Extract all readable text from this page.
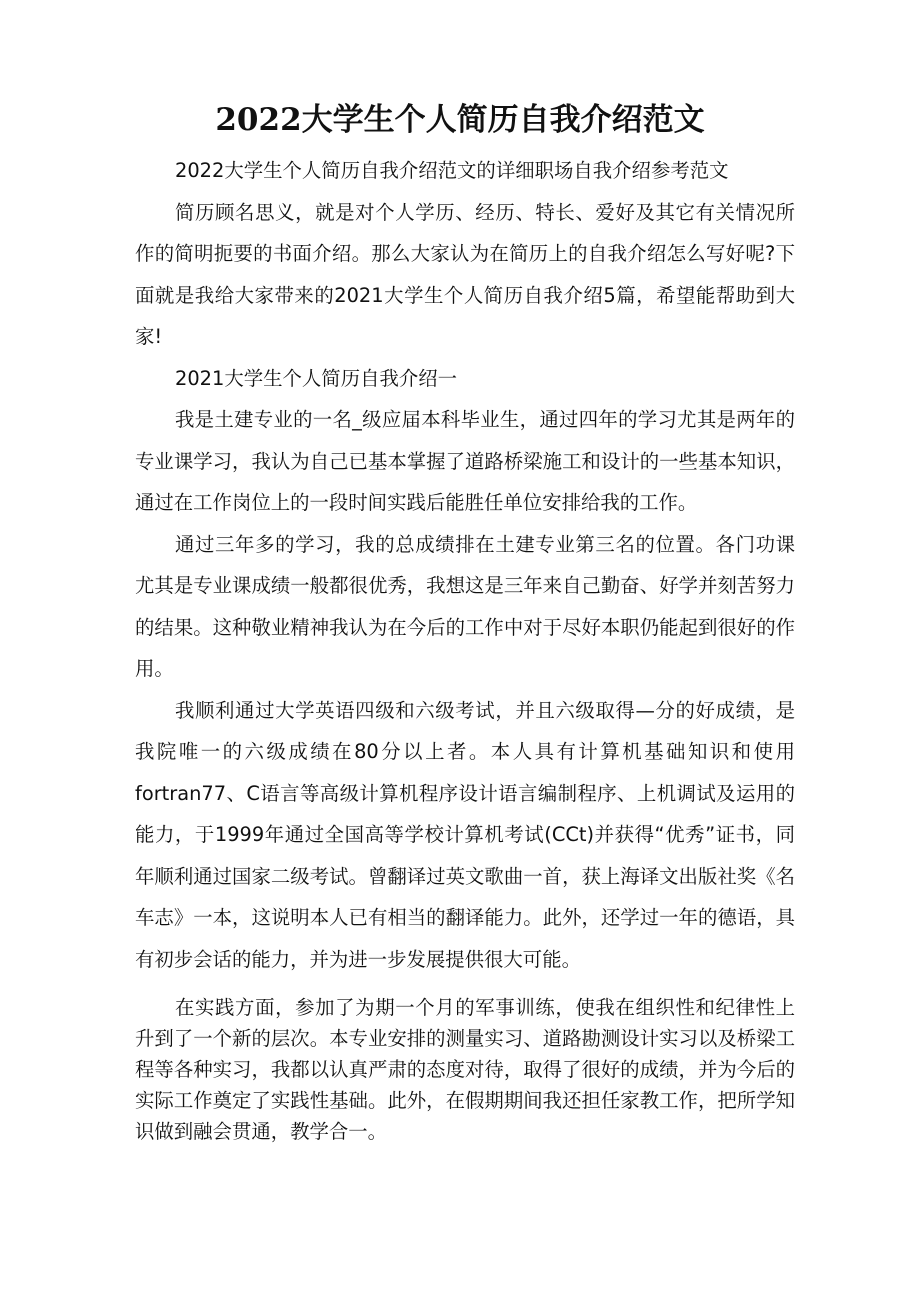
2022大学生个人简历自我介绍范文

2022大学生个人简历自我介绍范文的详细职场自我介绍参考范文

简历顾名思义，就是对个人学历、经历、特长、爱好及其它有关情况所作的简明扼要的书面介绍。那么大家认为在简历上的自我介绍怎么写好呢?下面就是我给大家带来的2021大学生个人简历自我介绍5篇，希望能帮助到大家!

2021大学生个人简历自我介绍一

我是土建专业的一名_级应届本科毕业生，通过四年的学习尤其是两年的专业课学习，我认为自己已基本掌握了道路桥梁施工和设计的一些基本知识，通过在工作岗位上的一段时间实践后能胜任单位安排给我的工作。

通过三年多的学习，我的总成绩排在土建专业第三名的位置。各门功课尤其是专业课成绩一般都很优秀，我想这是三年来自己勤奋、好学并刻苦努力的结果。这种敬业精神我认为在今后的工作中对于尽好本职仍能起到很好的作用。

我顺利通过大学英语四级和六级考试，并且六级取得—分的好成绩，是我院唯一的六级成绩在80分以上者。本人具有计算机基础知识和使用fortran77、C语言等高级计算机程序设计语言编制程序、上机调试及运用的能力，于1999年通过全国高等学校计算机考试(CCt)并获得“优秀”证书，同年顺利通过国家二级考试。曾翻译过英文歌曲一首，获上海译文出版社奖《名车志》一本，这说明本人已有相当的翻译能力。此外，还学过一年的德语，具有初步会话的能力，并为进一步发展提供很大可能。

在实践方面，参加了为期一个月的军事训练，使我在组织性和纪律性上升到了一个新的层次。本专业安排的测量实习、道路勘测设计实习以及桥梁工程等各种实习，我都以认真严肃的态度对待，取得了很好的成绩，并为今后的实际工作奠定了实践性基础。此外，在假期期间我还担任家教工作，把所学知识做到融会贯通，教学合一。
